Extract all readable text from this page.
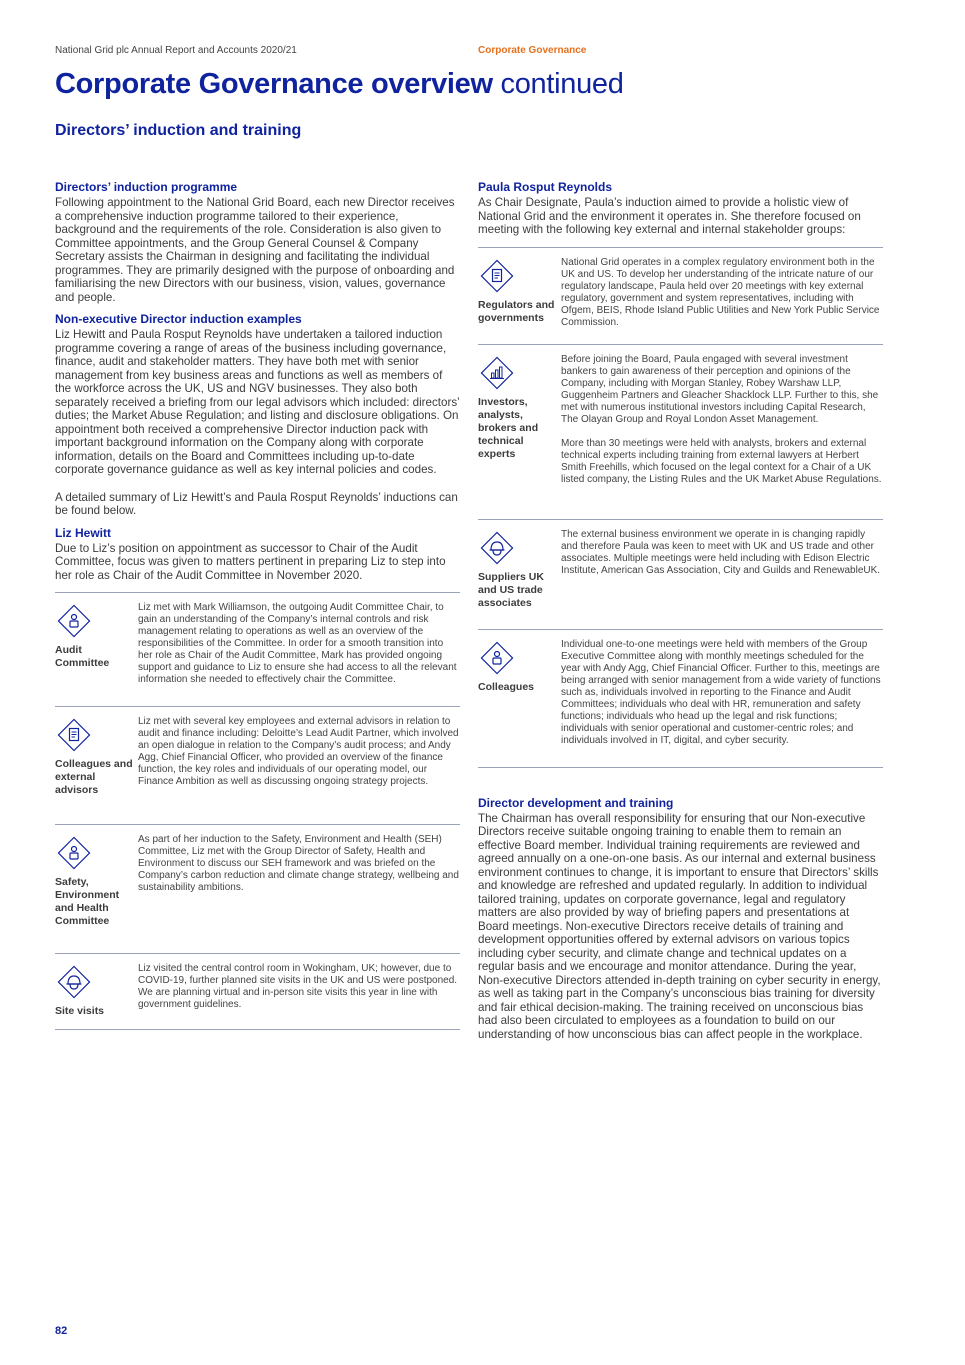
National Grid plc Annual Report and Accounts 2020/21	Corporate Governance
Corporate Governance overview continued
Directors’ induction and training
Directors’ induction programme

Following appointment to the National Grid Board, each new Director receives a comprehensive induction programme tailored to their experience, background and the requirements of the role. Consideration is also given to Committee appointments, and the Group General Counsel & Company Secretary assists the Chairman in designing and facilitating the individual programmes. They are primarily designed with the purpose of onboarding and familiarising the new Directors with our business, vision, values, governance and people.

Non-executive Director induction examples

Liz Hewitt and Paula Rosput Reynolds have undertaken a tailored induction programme covering a range of areas of the business including governance, finance, audit and stakeholder matters. They have both met with senior management from key business areas and functions as well as members of the workforce across the UK, US and NGV businesses. They also both separately received a briefing from our legal advisors which included: directors’ duties; the Market Abuse Regulation; and listing and disclosure obligations. On appointment both received a comprehensive Director induction pack with important background information on the Company along with corporate information, details on the Board and Committees including up-to-date corporate governance guidance as well as key internal policies and codes.

A detailed summary of Liz Hewitt’s and Paula Rosput Reynolds’ inductions can be found below.

Liz Hewitt

Due to Liz’s position on appointment as successor to Chair of the Audit Committee, focus was given to matters pertinent in preparing Liz to step into her role as Chair of the Audit Committee in November 2020.

Audit Committee
Liz met with Mark Williamson, the outgoing Audit Committee Chair, to gain an understanding of the Company’s internal controls and risk management relating to operations as well as an overview of the responsibilities of the Committee. In order for a smooth transition into her role as Chair of the Audit Committee, Mark has provided ongoing support and guidance to Liz to ensure she had access to all the relevant information she needed to effectively chair the Committee.
Colleagues and external advisors
Liz met with several key employees and external advisors in relation to audit and finance including: Deloitte’s Lead Audit Partner, which involved an open dialogue in relation to the Company’s audit process; and Andy Agg, Chief Financial Officer, who provided an overview of the finance function, the key roles and individuals of our operating model, our Finance Ambition as well as discussing ongoing strategy projects.
Safety, Environment and Health Committee
As part of her induction to the Safety, Environment and Health (SEH) Committee, Liz met with the Group Director of Safety, Health and Environment to discuss our SEH framework and was briefed on the Company’s carbon reduction and climate change strategy, wellbeing and sustainability ambitions.
Site visits
Liz visited the central control room in Wokingham, UK; however, due to COVID-19, further planned site visits in the UK and US were postponed. We are planning virtual and in-person site visits this year in line with government guidelines.
Paula Rosput Reynolds

As Chair Designate, Paula’s induction aimed to provide a holistic view of National Grid and the environment it operates in. She therefore focused on meeting with the following key external and internal stakeholder groups:

Regulators and governments

National Grid operates in a complex regulatory environment both in the UK and US. To develop her understanding of the intricate nature of our regulatory landscape, Paula held over 20 meetings with key external regulatory, government and system representatives, including with Ofgem, BEIS, Rhode Island Public Utilities and New York Public Service Commission.

Investors, analysts, brokers and technical experts

Before joining the Board, Paula engaged with several investment bankers to gain awareness of their perception and opinions of the Company, including with Morgan Stanley, Robey Warshaw LLP, Guggenheim Partners and Gleacher Shacklock LLP. Further to this, she met with numerous institutional investors including Capital Research, The Olayan Group and Royal London Asset Management.

More than 30 meetings were held with analysts, brokers and external technical experts including training from external lawyers at Herbert Smith Freehills, which focused on the legal context for a Chair of a UK listed company, the Listing Rules and the UK Market Abuse Regulations.

Suppliers UK and US trade associates

The external business environment we operate in is changing rapidly and therefore Paula was keen to meet with UK and US trade and other associates. Multiple meetings were held including with Edison Electric Institute, American Gas Association, City and Guilds and RenewableUK.

Colleagues

Individual one-to-one meetings were held with members of the Group Executive Committee along with monthly meetings scheduled for the year with Andy Agg, Chief Financial Officer. Further to this, meetings are being arranged with senior management from a wide variety of functions such as, individuals involved in reporting to the Finance and Audit Committees; individuals who deal with HR, remuneration and safety functions; individuals who head up the legal and risk functions; individuals with senior operational and customer-centric roles; and individuals involved in IT, digital, and cyber security.

Director development and training

The Chairman has overall responsibility for ensuring that our Non-executive Directors receive suitable ongoing training to enable them to remain an effective Board member. Individual training requirements are reviewed and agreed annually on a one-on-one basis. As our internal and external business environment continues to change, it is important to ensure that Directors’ skills and knowledge are refreshed and updated regularly. In addition to individual tailored training, updates on corporate governance, legal and regulatory matters are also provided by way of briefing papers and presentations at Board meetings. Non-executive Directors receive details of training and development opportunities offered by external advisors on various topics including cyber security, and climate change and technical updates on a regular basis and we encourage and monitor attendance. During the year, Non-executive Directors attended in-depth training on cyber security in energy, as well as taking part in the Company’s unconscious bias training for diversity and fair ethical decision-making. The training received on unconscious bias had also been circulated to employees as a foundation to build on our understanding of how unconscious bias can affect people in the workplace.

82
